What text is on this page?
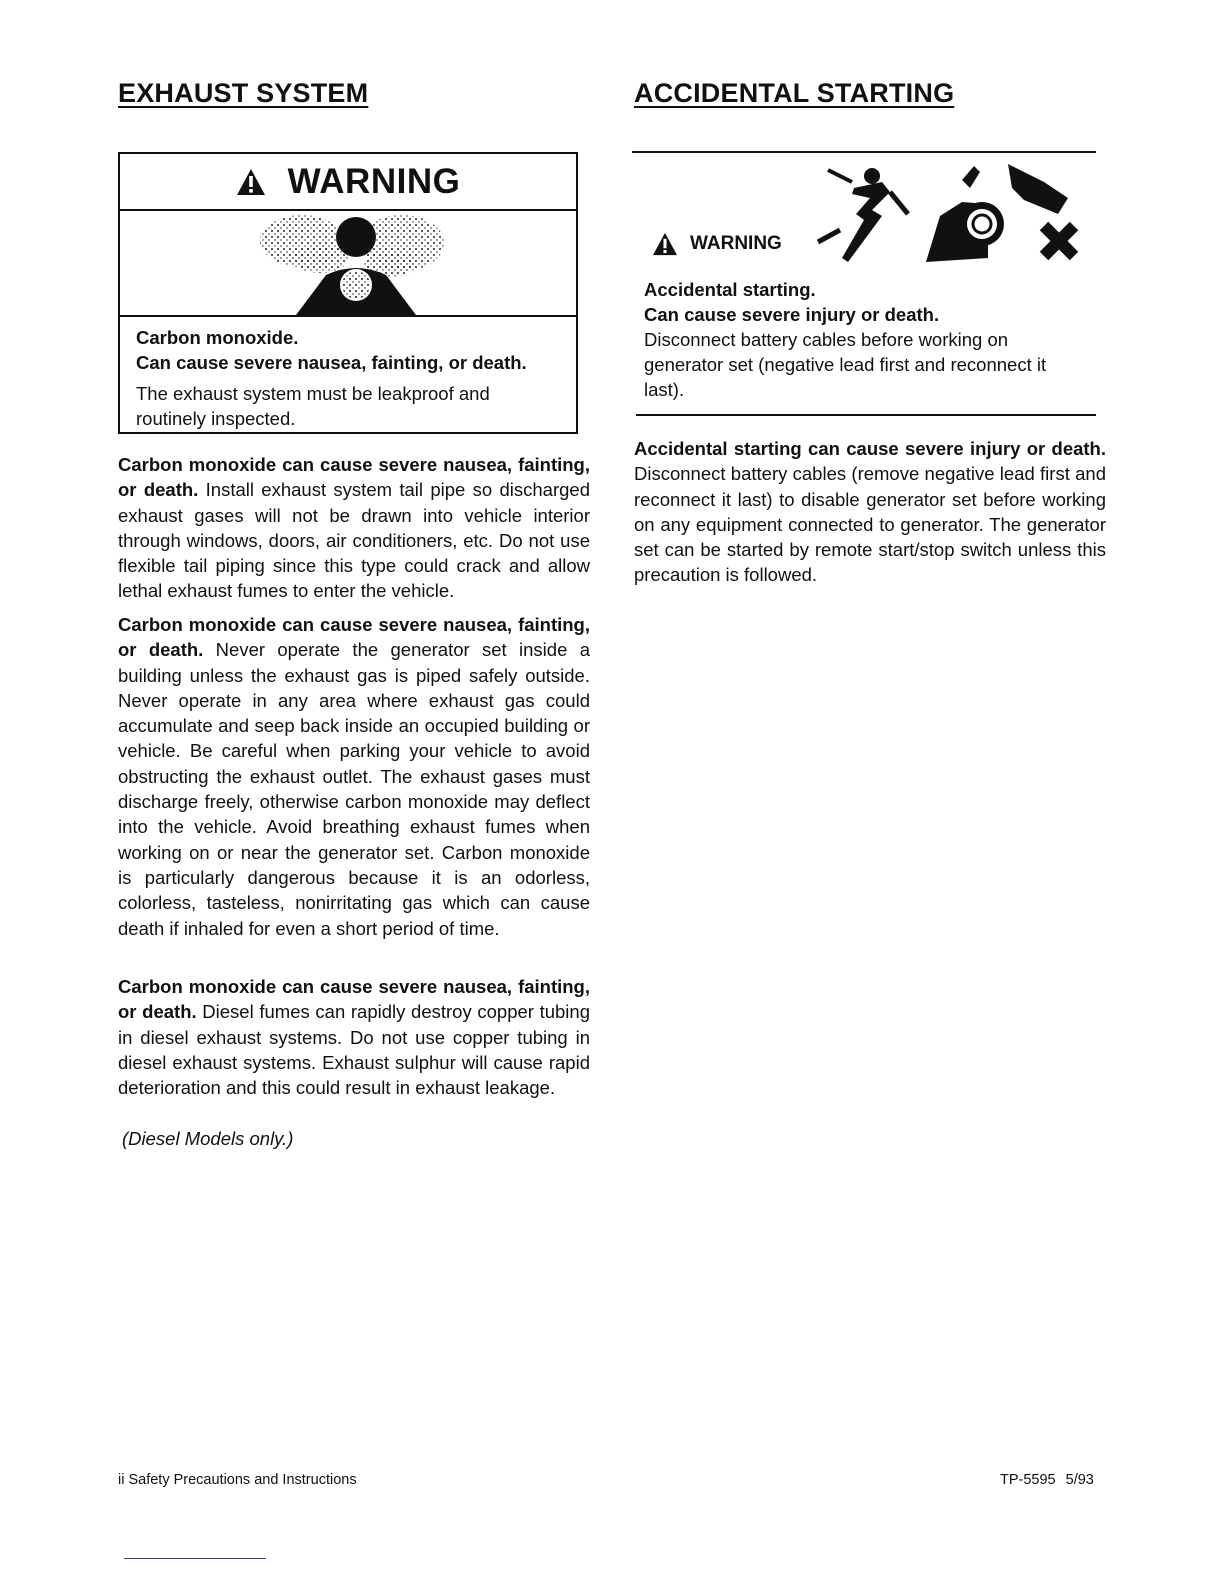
EXHAUST SYSTEM
WARNING

Carbon monoxide.

Can cause severe nausea, fainting, or death.

The exhaust system must be leakproof and routinely inspected.

Carbon monoxide can cause severe nausea, fainting, or death. Install exhaust system tail pipe so discharged exhaust gases will not be drawn into vehicle interior through windows, doors, air conditioners, etc. Do not use flexible tail piping since this type could crack and allow lethal exhaust fumes to enter the vehicle.

Carbon monoxide can cause severe nausea, fainting, or death. Never operate the generator set inside a building unless the exhaust gas is piped safely outside. Never operate in any area where exhaust gas could accumulate and seep back inside an occupied building or vehicle. Be careful when parking your vehicle to avoid obstructing the exhaust outlet. The exhaust gases must discharge freely, otherwise carbon monoxide may deflect into the vehicle. Avoid breathing exhaust fumes when working on or near the generator set. Carbon monoxide is particularly dangerous because it is an odorless, colorless, tasteless, nonirritating gas which can cause death if inhaled for even a short period of time.

Carbon monoxide can cause severe nausea, fainting, or death. Diesel fumes can rapidly destroy copper tubing in diesel exhaust systems. Do not use copper tubing in diesel exhaust systems. Exhaust sulphur will cause rapid deterioration and this could result in exhaust leakage.

(Diesel Models only.)

ACCIDENTAL STARTING
WARNING

Accidental starting.

Can cause severe injury or death.

Disconnect battery cables before working on generator set (negative lead first and reconnect it last).

Accidental starting can cause severe injury or death. Disconnect battery cables (remove negative lead first and reconnect it last) to disable generator set before working on any equipment connected to generator. The generator set can be started by remote start/stop switch unless this precaution is followed.

ii Safety Precautions and Instructions	TP-5595 5/93
